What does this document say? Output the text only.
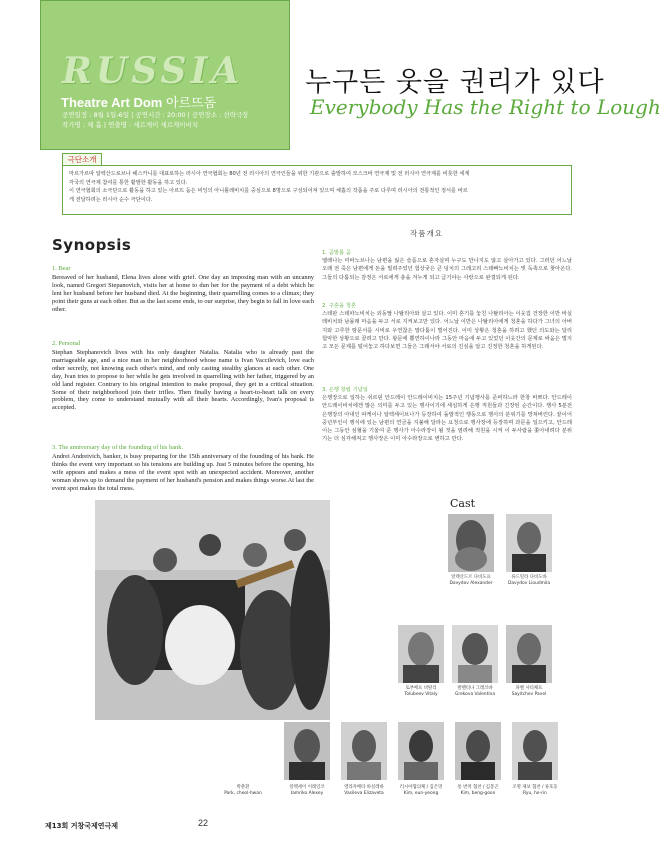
RUSSIA
Theatre Art Dom 아르뜨돔
공연일정 : 8월 1일-6일 | 공연시간 : 20:00 | 공연장소 : 선락극장
작가명 : 체 홉 | 연출명 : 세르게이 세르게이비치
누구든 웃을 권리가 있다
Everybody Has the Right to Lough
극단소개
마르가르따 알렉산드로브나 헤스카니를 대표로하는 러시아 연극협회는 80년 전 러시아의 연극인들을 위한 기관으로 출발하여 모스크바 연극제 및 전 러시아 연극제를 비롯한 세계
각국의 연극제 참여를 통한 활발한 활동을 하고 있다.
이 연극협회의 소극단으로 활동을 하고 있는 아르뜨 돔은 비잉의 아니톨레비치를 중심으로 8명으로 구성되어져 있으며 체홉의 작품을 주로 다루며 러시아의 전통적인 정서를 바르
게 전달하려는 러시아 순수 극단이다.
Synopsis
작품개요
1. Bear
Bereaved of her husband, Elena lives alone with grief. One day an imposing man with an uncanny look, named Gregori Stepanovich, visits her at home to dun her for the payment of a debt which he lent her husband before her husband died. At the beginning, their quarrelling comes to a climax; they point their guns at each other. But as the last scene ends, to our surprise, they begin to fall in love each other.
2. Personal
Stephan Stephanovich lives with his only daughter Natalia. Natalia who is already past the marriageable age, and a nice man in her neighborhood whose name is Ivan Vaccilevich, love each other secretly, not knowing each other's mind, and only casting stealthy glances at each other. One day, Ivan tries to propose to her while he gets involved in quarrelling with her father, triggered by an old land register. Contrary to his original intention to make proposal, they get in a critical situation. Some of their neighborhood join their trifles. Then finally having a heart-to-heart talk on every problem, they come to understand mutually with all their hearts. Accordingly, Ivan's proposal is accepted.
3. The anniversary day of the founding of his bank.
Andrei Andreivich, banker, is busy preparing for the 15th anniversary of the founding of his bank. He thinks the event very important so his tensions are building up. Just 5 minutes before the opening, his wife appears and makes a mess of the event spot with an unexpected accident. Moreover, another woman shows up to demand the payment of her husband's pension and makes things worse.At last the event spot makes the total mess.
1. 곰발톱 곰
엘레나는 미바노브나는 남편을 잃은 슬픔으로 혼자살며 누구도 만나지도 않고 살아가고 있다. 그러던 어느날 오래 전 죽은 남편에게 돈을 빌려주었던 험상궂은 큰 덩치의 그레고리 스테빠노비치는 빚 독촉으로 찾아온다. 그들의 다툼되는 감정은 서로에게 총을 겨누게 되고 급기야는 사랑으로 완결되게 된다.
2. 구혼을 청혼
스테판 스테파노비치는 외동딸 나탈리아와 살고 있다. 이미 혼기를 놓친 나탈리아는 이웃집 건장한 이반 바실레비치와 남몰래 마음을 두고 서로 지켜보고만 있다. 어느날 이반은 나탈리아에게 청혼을 하다가 그녀의 아버지와 고루한 땅문서를 시비로 우연찮은 말다툼이 벌어진다. 이미 상황은 청혼을 하려고 했던 의도와는 달리 험악한 상황으로 끌려고 만다. 왕문에 뽑연하이나라 그동안 마음에 두고 있었던 이웃간의 문제로 싸움은 벌지고 모든 문제를 털어놓고 하다보면 그들은 그래서야 서로의 진심을 알고 진정한 청혼을 하게된다.
3. 은행 창립 기념일
은행장으로 일하는 쉬르핀 안드레이 안드레이비치는 15주년 기념행사를 준비하느라 한창 바쁘다. 안드레이 안드레이비치에겐 많은 의미를 두고 있는 행사이기에 세심하게 은행 직원들과 긴장된 순간이다. 행사 5분전 은행장의 아내인 따케이나 알렉세이브나가 등장하여 돌발적인 행동으로 행사의 분위기를 망쳐버린다. 끝이어 중년부인이 행식에 있는 남편의 연금을 지불해 달라는 요청으로 행사장에 등장하며 과문을 일으키고, 안드레이는 그동안 심혈을 기울여 준 행사가 아수라장이 될 것을 염려해 적원을 시켜 이 두사람을 쫓아내려다 분위기는 더 심각해져고 행사장은 이미 아수라장으로 변하고 만다.
Cast
알렉산드르 다비도프
Davydov Alexander
류드밀라 다비도바
Davydov Lioudmila
토부베프 비탈리
Tolubeev Vitaly
발렌티나 그레코바
Grekova Valentina
파벨 사티체프
Sayitchev Pavel
박춘환
Park, cheol-hwan
알렉세이 이레일코
Iamriko Alexey
엘라자베타 바실레바
Vasileva Elizaveta
러시아협의체 / 김은영
Kim, eun-yeong
통 번역 협찬 / 김봉곤
Kim, beng-goon
조명 제보 협찬 / 류호동
Ryu, ho-rin
제13회 거창국제연극제	22
